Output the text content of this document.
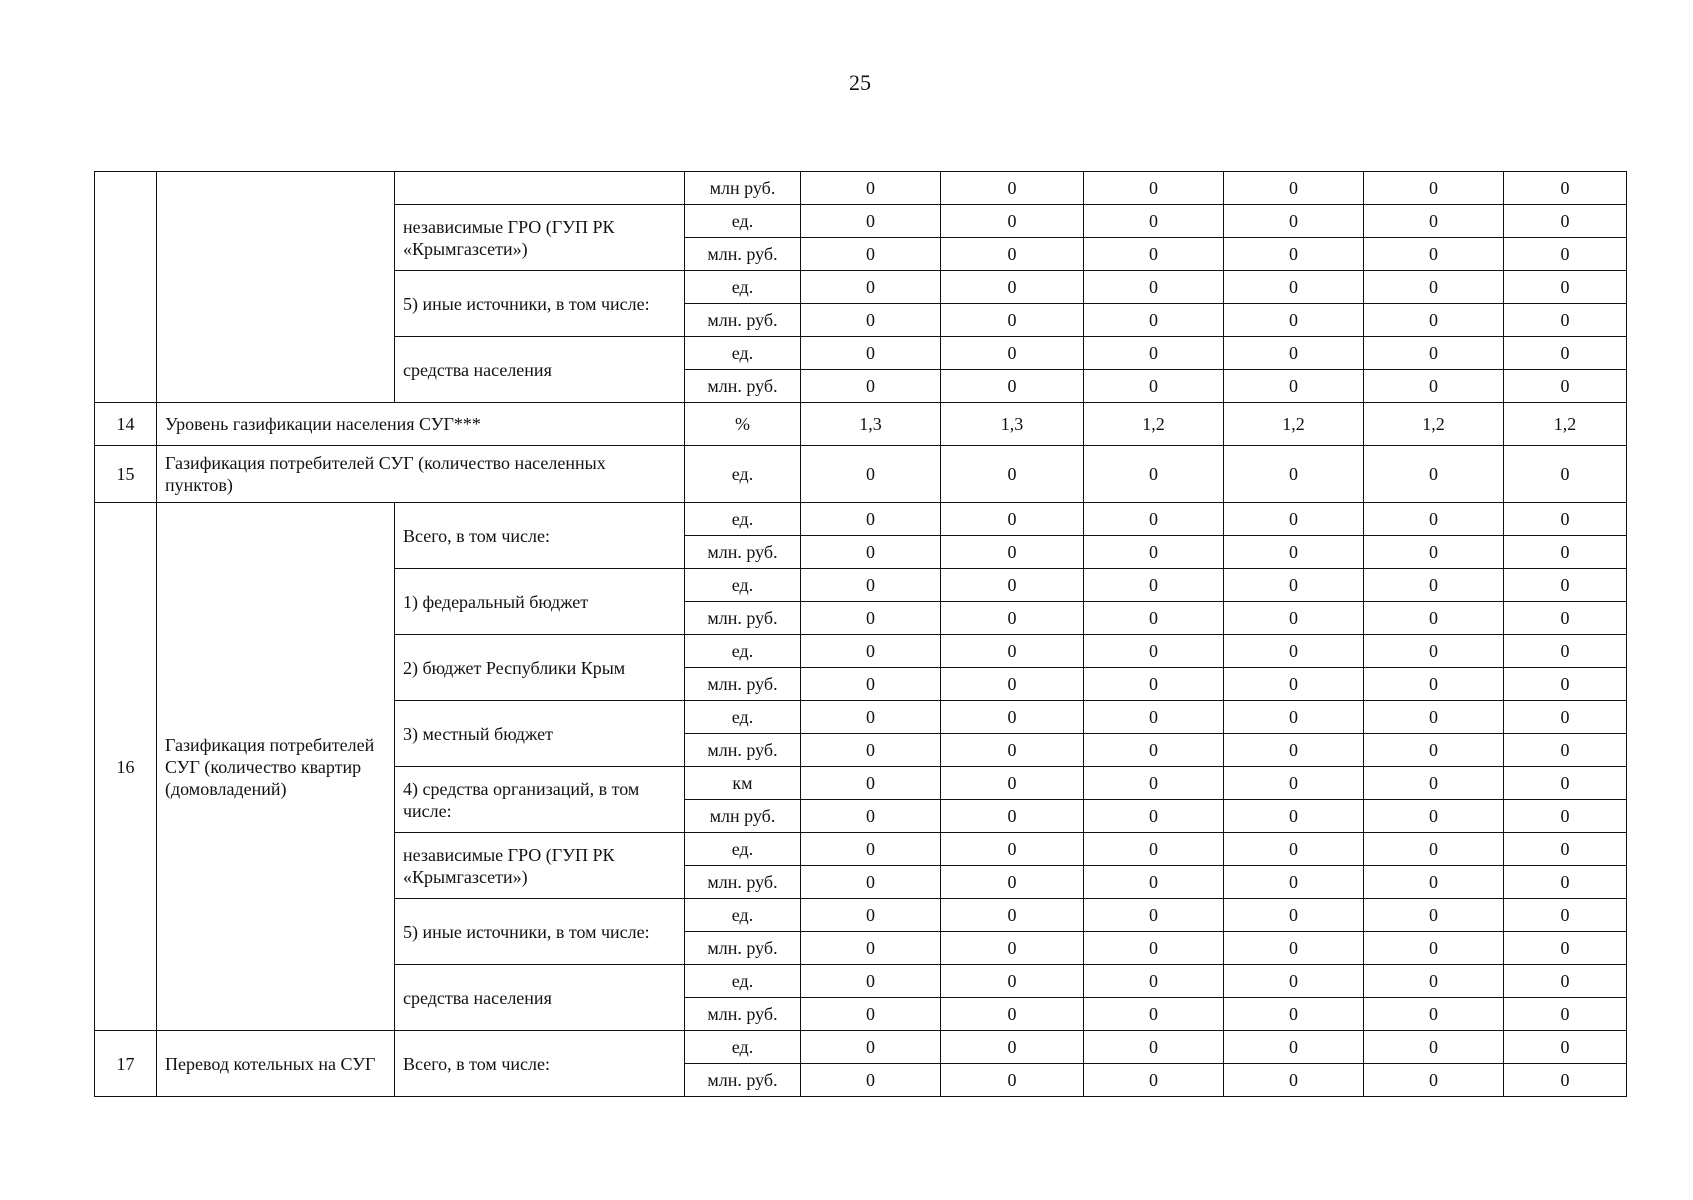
25
			млн руб.	0	0	0	0	0	0
		независимые ГРО (ГУП РК «Крымгазсети»)	ед.	0	0	0	0	0	0
			млн. руб.	0	0	0	0	0	0
		5) иные источники, в том числе:	ед.	0	0	0	0	0	0
			млн. руб.	0	0	0	0	0	0
		средства населения	ед.	0	0	0	0	0	0
			млн. руб.	0	0	0	0	0	0
14	Уровень газификации населения СУГ***		%	1,3	1,3	1,2	1,2	1,2	1,2
15	Газификация потребителей СУГ (количество населенных пунктов)		ед.	0	0	0	0	0	0
16	Газификация потребителей СУГ (количество квартир (домовладений)	Всего, в том числе:	ед.	0	0	0	0	0	0
			млн. руб.	0	0	0	0	0	0
		1) федеральный бюджет	ед.	0	0	0	0	0	0
			млн. руб.	0	0	0	0	0	0
		2) бюджет Республики Крым	ед.	0	0	0	0	0	0
			млн. руб.	0	0	0	0	0	0
		3) местный бюджет	ед.	0	0	0	0	0	0
			млн. руб.	0	0	0	0	0	0
		4) средства организаций, в том числе:	км	0	0	0	0	0	0
			млн руб.	0	0	0	0	0	0
		независимые ГРО (ГУП РК «Крымгазсети»)	ед.	0	0	0	0	0	0
			млн. руб.	0	0	0	0	0	0
		5) иные источники, в том числе:	ед.	0	0	0	0	0	0
			млн. руб.	0	0	0	0	0	0
		средства населения	ед.	0	0	0	0	0	0
			млн. руб.	0	0	0	0	0	0
17	Перевод котельных на СУГ	Всего, в том числе:	ед.	0	0	0	0	0	0
			млн. руб.	0	0	0	0	0	0
